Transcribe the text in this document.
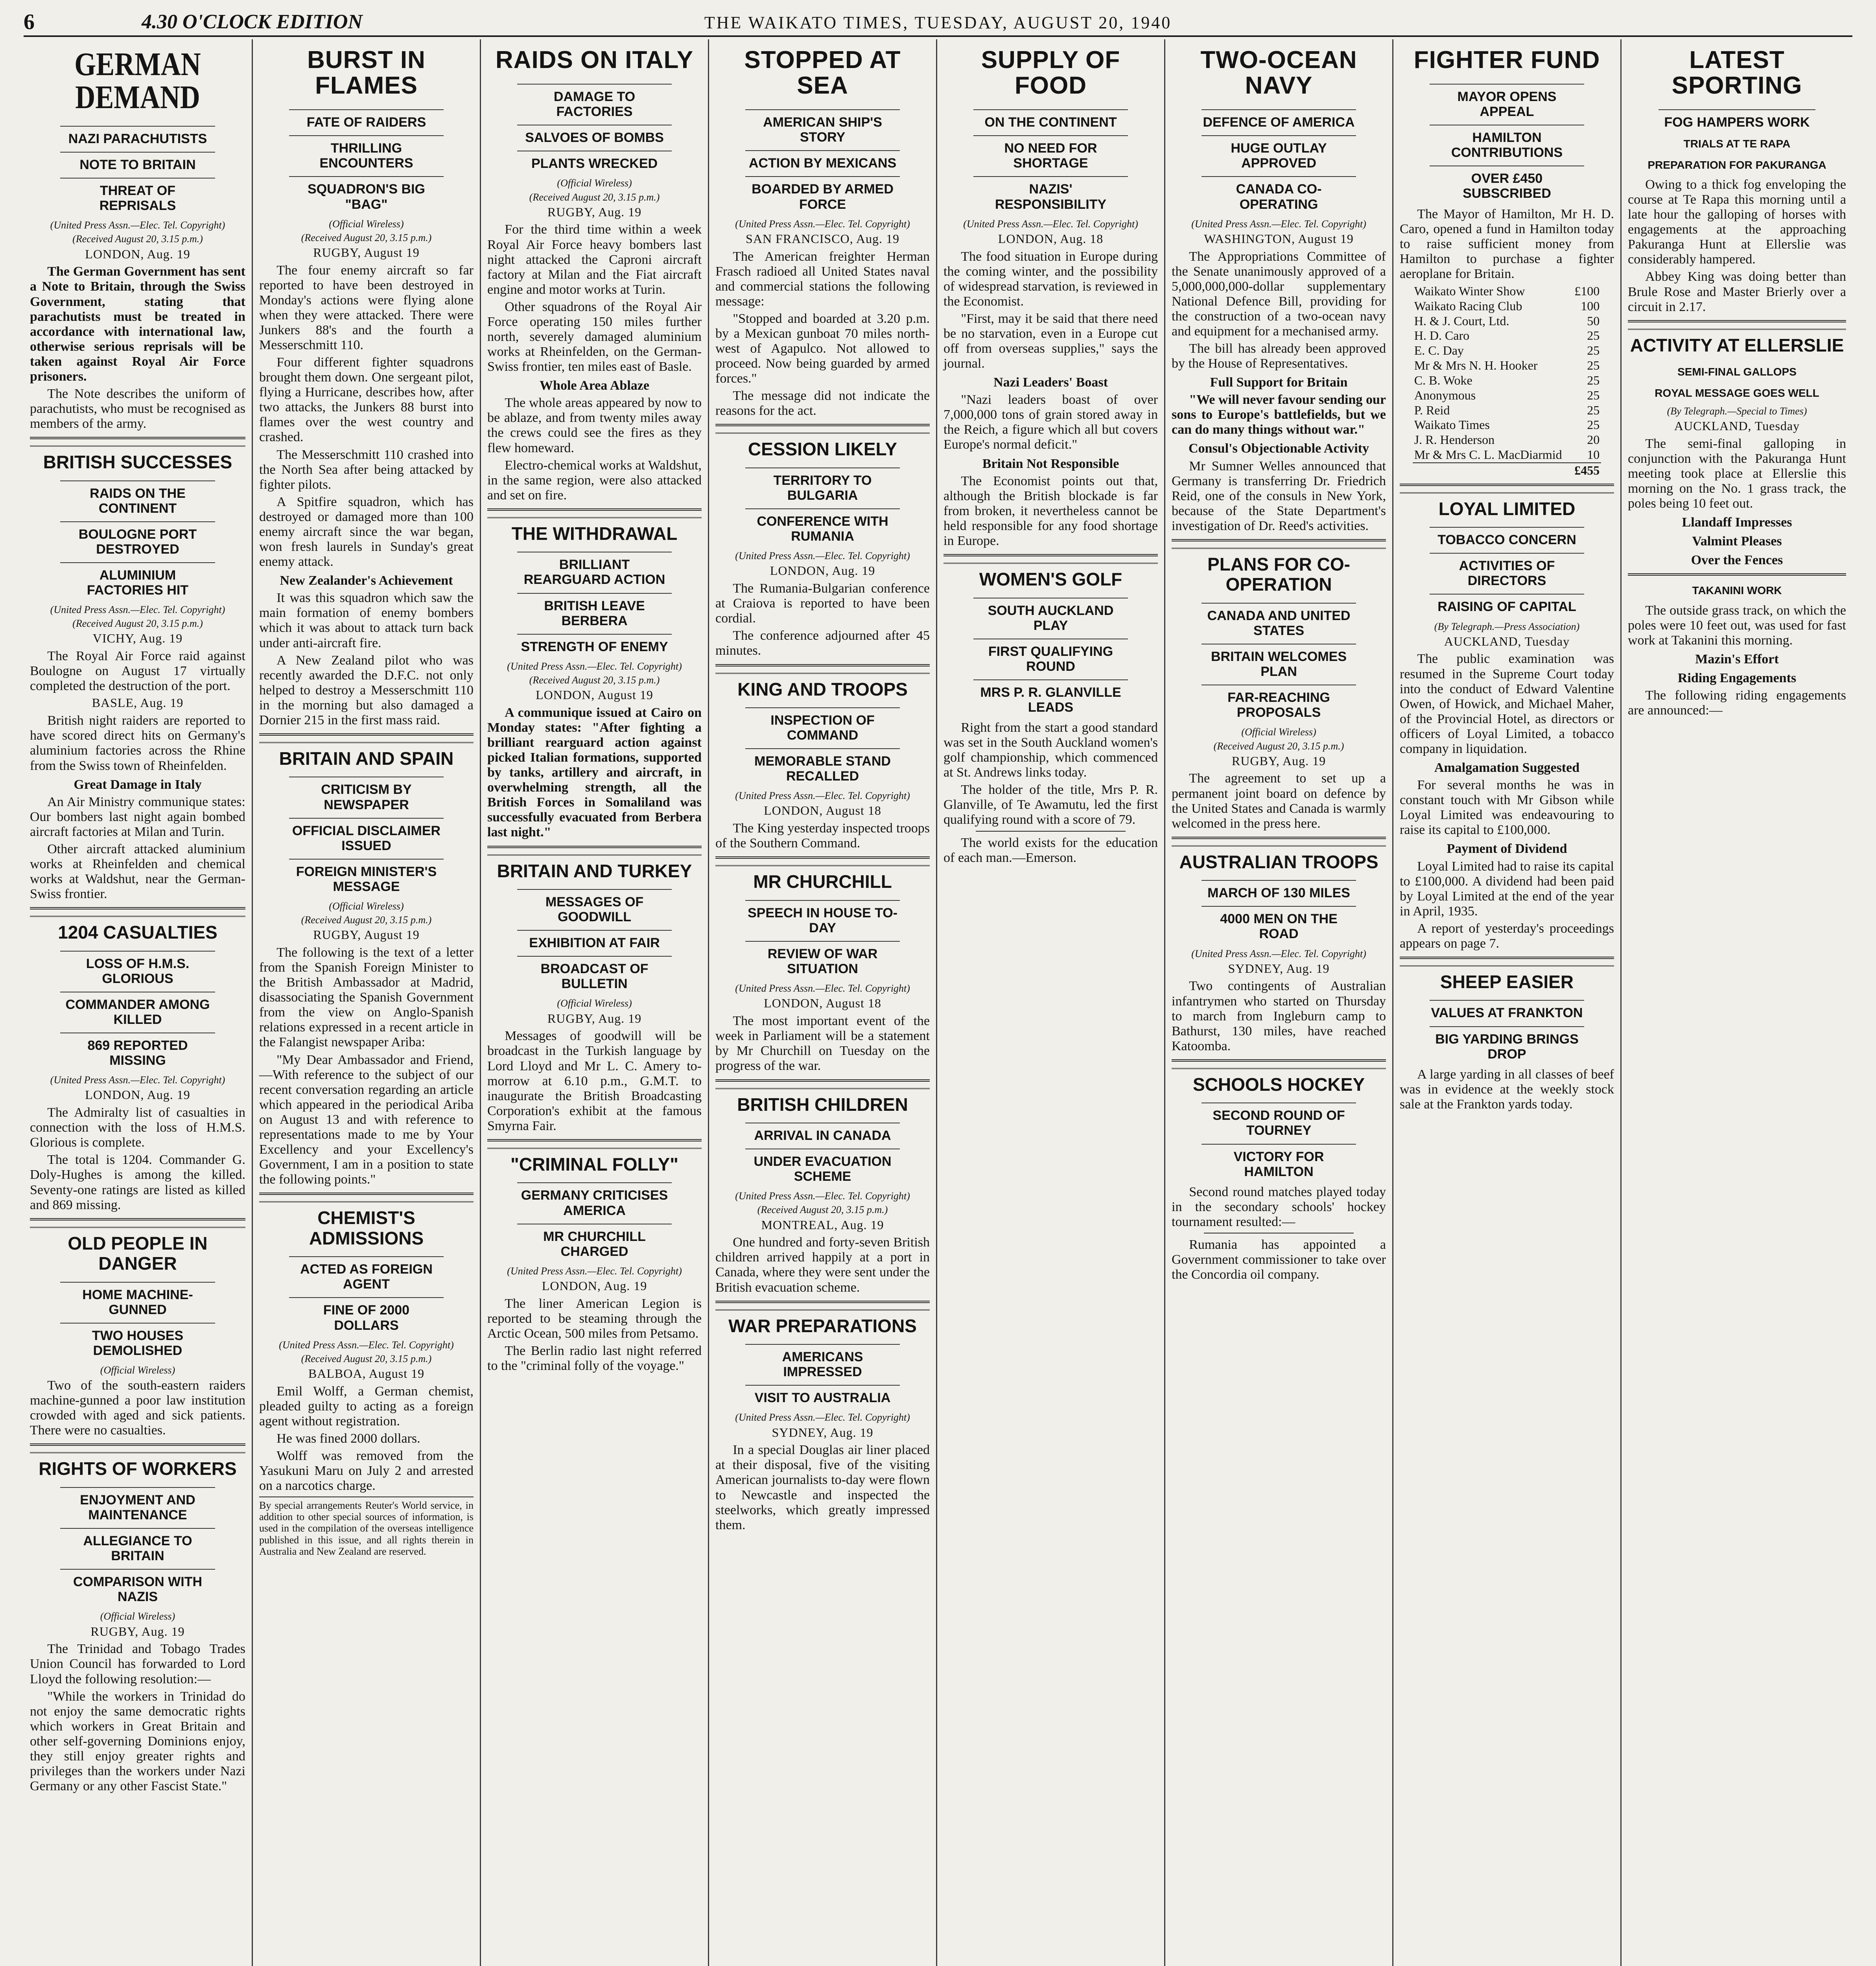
6	4.30 O'CLOCK EDITION	THE WAIKATO TIMES, TUESDAY, AUGUST 20, 1940
GERMAN DEMAND
NAZI PARACHUTISTS
NOTE TO BRITAIN
THREAT OF REPRISALS
(United Press Assn.—Elec. Tel. Copyright)
(Received August 20, 3.15 p.m.)
LONDON, Aug. 19

The German Government has sent a Note to Britain, through the Swiss Government, stating that parachutists must be treated in accordance with international law, otherwise serious reprisals will be taken against Royal Air Force prisoners.

The Note describes the uniform of parachutists, who must be recognised as members of the army.

BRITISH SUCCESSES
RAIDS ON THE CONTINENT
BOULOGNE PORT DESTROYED
ALUMINIUM FACTORIES HIT
(United Press Assn.—Elec. Tel. Copyright)
(Received August 20, 3.15 p.m.)
VICHY, Aug. 19

The Royal Air Force raid against Boulogne on August 17 virtually completed the destruction of the port.

BASLE, Aug. 19

British night raiders are reported to have scored direct hits on Germany's aluminium factories across the Rhine from the Swiss town of Rheinfelden.

Great Damage in Italy

An Air Ministry communique states: Our bombers last night again bombed aircraft factories at Milan and Turin.

Other aircraft attacked aluminium works at Rheinfelden and chemical works at Waldshut, near the German-Swiss frontier.

1204 CASUALTIES
LOSS OF H.M.S. GLORIOUS
COMMANDER AMONG KILLED
869 REPORTED MISSING
(United Press Assn.—Elec. Tel. Copyright)
LONDON, Aug. 19

The Admiralty list of casualties in connection with the loss of H.M.S. Glorious is complete.

The total is 1204. Commander G. Doly-Hughes is among the killed. Seventy-one ratings are listed as killed and 869 missing.

OLD PEOPLE IN DANGER
HOME MACHINE-GUNNED
TWO HOUSES DEMOLISHED
(Official Wireless)

Two of the south-eastern raiders machine-gunned a poor law institution crowded with aged and sick patients. There were no casualties.

RIGHTS OF WORKERS
ENJOYMENT AND MAINTENANCE
ALLEGIANCE TO BRITAIN
COMPARISON WITH NAZIS
(Official Wireless)
RUGBY, Aug. 19

The Trinidad and Tobago Trades Union Council has forwarded to Lord Lloyd the following resolution:—

"While the workers in Trinidad do not enjoy the same democratic rights which workers in Great Britain and other self-governing Dominions enjoy, they still enjoy greater rights and privileges than the workers under Nazi Germany or any other Fascist State."

BURST IN FLAMES
FATE OF RAIDERS
THRILLING ENCOUNTERS
SQUADRON'S BIG "BAG"
(Official Wireless)
(Received August 20, 3.15 p.m.)
RUGBY, August 19

The four enemy aircraft so far reported to have been destroyed in Monday's actions were flying alone when they were attacked. There were Junkers 88's and the fourth a Messerschmitt 110.

Four different fighter squadrons brought them down. One sergeant pilot, flying a Hurricane, describes how, after two attacks, the Junkers 88 burst into flames over the west country and crashed.

The Messerschmitt 110 crashed into the North Sea after being attacked by fighter pilots.

A Spitfire squadron, which has destroyed or damaged more than 100 enemy aircraft since the war began, won fresh laurels in Sunday's great enemy attack.

New Zealander's Achievement

It was this squadron which saw the main formation of enemy bombers which it was about to attack turn back under anti-aircraft fire.

A New Zealand pilot who was recently awarded the D.F.C. not only helped to destroy a Messerschmitt 110 in the morning but also damaged a Dornier 215 in the first mass raid.

BRITAIN AND SPAIN
CRITICISM BY NEWSPAPER
OFFICIAL DISCLAIMER ISSUED
FOREIGN MINISTER'S MESSAGE
(Official Wireless)
(Received August 20, 3.15 p.m.)
RUGBY, August 19

The following is the text of a letter from the Spanish Foreign Minister to the British Ambassador at Madrid, disassociating the Spanish Government from the view on Anglo-Spanish relations expressed in a recent article in the Falangist newspaper Ariba:

"My Dear Ambassador and Friend,—With reference to the subject of our recent conversation regarding an article which appeared in the periodical Ariba on August 13 and with reference to representations made to me by Your Excellency and your Excellency's Government, I am in a position to state the following points."

CHEMIST'S ADMISSIONS
ACTED AS FOREIGN AGENT
FINE OF 2000 DOLLARS
(United Press Assn.—Elec. Tel. Copyright)
(Received August 20, 3.15 p.m.)
BALBOA, August 19

Emil Wolff, a German chemist, pleaded guilty to acting as a foreign agent without registration.

He was fined 2000 dollars.

Wolff was removed from the Yasukuni Maru on July 2 and arrested on a narcotics charge.

By special arrangements Reuter's World service, in addition to other special sources of information, is used in the compilation of the overseas intelligence published in this issue, and all rights therein in Australia and New Zealand are reserved.
RAIDS ON ITALY
DAMAGE TO FACTORIES
SALVOES OF BOMBS
PLANTS WRECKED
(Official Wireless)
(Received August 20, 3.15 p.m.)
RUGBY, Aug. 19

For the third time within a week Royal Air Force heavy bombers last night attacked the Caproni aircraft factory at Milan and the Fiat aircraft engine and motor works at Turin.

Other squadrons of the Royal Air Force operating 150 miles further north, severely damaged aluminium works at Rheinfelden, on the German-Swiss frontier, ten miles east of Basle.

Whole Area Ablaze

The whole areas appeared by now to be ablaze, and from twenty miles away the crews could see the fires as they flew homeward.

Electro-chemical works at Waldshut, in the same region, were also attacked and set on fire.

THE WITHDRAWAL
BRILLIANT REARGUARD ACTION
BRITISH LEAVE BERBERA
STRENGTH OF ENEMY
(United Press Assn.—Elec. Tel. Copyright)
(Received August 20, 3.15 p.m.)
LONDON, August 19

A communique issued at Cairo on Monday states: "After fighting a brilliant rearguard action against picked Italian formations, supported by tanks, artillery and aircraft, in overwhelming strength, all the British Forces in Somaliland was successfully evacuated from Berbera last night."

BRITAIN AND TURKEY
MESSAGES OF GOODWILL
EXHIBITION AT FAIR
BROADCAST OF BULLETIN
(Official Wireless)
RUGBY, Aug. 19

Messages of goodwill will be broadcast in the Turkish language by Lord Lloyd and Mr L. C. Amery to-morrow at 6.10 p.m., G.M.T. to inaugurate the British Broadcasting Corporation's exhibit at the famous Smyrna Fair.

"CRIMINAL FOLLY"
GERMANY CRITICISES AMERICA
MR CHURCHILL CHARGED
(United Press Assn.—Elec. Tel. Copyright)
LONDON, Aug. 19

The liner American Legion is reported to be steaming through the Arctic Ocean, 500 miles from Petsamo.

The Berlin radio last night referred to the "criminal folly of the voyage."

STOPPED AT SEA
AMERICAN SHIP'S STORY
ACTION BY MEXICANS
BOARDED BY ARMED FORCE
(United Press Assn.—Elec. Tel. Copyright)
SAN FRANCISCO, Aug. 19

The American freighter Herman Frasch radioed all United States naval and commercial stations the following message:

"Stopped and boarded at 3.20 p.m. by a Mexican gunboat 70 miles north-west of Agapulco. Not allowed to proceed. Now being guarded by armed forces."

The message did not indicate the reasons for the act.

CESSION LIKELY
TERRITORY TO BULGARIA
CONFERENCE WITH RUMANIA
(United Press Assn.—Elec. Tel. Copyright)
LONDON, Aug. 19

The Rumania-Bulgarian conference at Craiova is reported to have been cordial.

The conference adjourned after 45 minutes.

KING AND TROOPS
INSPECTION OF COMMAND
MEMORABLE STAND RECALLED
(United Press Assn.—Elec. Tel. Copyright)
LONDON, August 18

The King yesterday inspected troops of the Southern Command.

MR CHURCHILL
SPEECH IN HOUSE TO-DAY
REVIEW OF WAR SITUATION
(United Press Assn.—Elec. Tel. Copyright)
LONDON, August 18

The most important event of the week in Parliament will be a statement by Mr Churchill on Tuesday on the progress of the war.

BRITISH CHILDREN
ARRIVAL IN CANADA
UNDER EVACUATION SCHEME
(United Press Assn.—Elec. Tel. Copyright)
(Received August 20, 3.15 p.m.)
MONTREAL, Aug. 19

One hundred and forty-seven British children arrived happily at a port in Canada, where they were sent under the British evacuation scheme.

WAR PREPARATIONS
AMERICANS IMPRESSED
VISIT TO AUSTRALIA
(United Press Assn.—Elec. Tel. Copyright)
SYDNEY, Aug. 19

In a special Douglas air liner placed at their disposal, five of the visiting American journalists to-day were flown to Newcastle and inspected the steelworks, which greatly impressed them.

SUPPLY OF FOOD
ON THE CONTINENT
NO NEED FOR SHORTAGE
NAZIS' RESPONSIBILITY
(United Press Assn.—Elec. Tel. Copyright)
LONDON, Aug. 18

The food situation in Europe during the coming winter, and the possibility of widespread starvation, is reviewed in the Economist.

"First, may it be said that there need be no starvation, even in a Europe cut off from overseas supplies," says the journal.

Nazi Leaders' Boast

"Nazi leaders boast of over 7,000,000 tons of grain stored away in the Reich, a figure which all but covers Europe's normal deficit."

Britain Not Responsible

The Economist points out that, although the British blockade is far from broken, it nevertheless cannot be held responsible for any food shortage in Europe.

WOMEN'S GOLF
SOUTH AUCKLAND PLAY
FIRST QUALIFYING ROUND
MRS P. R. GLANVILLE LEADS

Right from the start a good standard was set in the South Auckland women's golf championship, which commenced at St. Andrews links today.

The holder of the title, Mrs P. R. Glanville, of Te Awamutu, led the first qualifying round with a score of 79.

The world exists for the education of each man.—Emerson.

TWO-OCEAN NAVY
DEFENCE OF AMERICA
HUGE OUTLAY APPROVED
CANADA CO-OPERATING
(United Press Assn.—Elec. Tel. Copyright)
WASHINGTON, August 19

The Appropriations Committee of the Senate unanimously approved of a 5,000,000,000-dollar supplementary National Defence Bill, providing for the construction of a two-ocean navy and equipment for a mechanised army.

The bill has already been approved by the House of Representatives.

Full Support for Britain

"We will never favour sending our sons to Europe's battlefields, but we can do many things without war."

Consul's Objectionable Activity

Mr Sumner Welles announced that Germany is transferring Dr. Friedrich Reid, one of the consuls in New York, because of the State Department's investigation of Dr. Reed's activities.

PLANS FOR CO-OPERATION
CANADA AND UNITED STATES
BRITAIN WELCOMES PLAN
FAR-REACHING PROPOSALS
(Official Wireless)
(Received August 20, 3.15 p.m.)
RUGBY, Aug. 19

The agreement to set up a permanent joint board on defence by the United States and Canada is warmly welcomed in the press here.

AUSTRALIAN TROOPS
MARCH OF 130 MILES
4000 MEN ON THE ROAD
(United Press Assn.—Elec. Tel. Copyright)
SYDNEY, Aug. 19

Two contingents of Australian infantrymen who started on Thursday to march from Ingleburn camp to Bathurst, 130 miles, have reached Katoomba.

SCHOOLS HOCKEY
SECOND ROUND OF TOURNEY
VICTORY FOR HAMILTON

Second round matches played today in the secondary schools' hockey tournament resulted:—

Rumania has appointed a Government commissioner to take over the Concordia oil company.

FIGHTER FUND
MAYOR OPENS APPEAL
HAMILTON CONTRIBUTIONS
OVER £450 SUBSCRIBED

The Mayor of Hamilton, Mr H. D. Caro, opened a fund in Hamilton today to raise sufficient money from Hamilton to purchase a fighter aeroplane for Britain.

Waikato Winter Show	£100
Waikato Racing Club	100
H. & J. Court, Ltd.	50
H. D. Caro	25
E. C. Day	25
Mr & Mrs N. H. Hooker	25
C. B. Woke	25
Anonymous	25
P. Reid	25
Waikato Times	25
J. R. Henderson	20
Mr & Mrs C. L. MacDiarmid	10
	£455
LOYAL LIMITED
TOBACCO CONCERN
ACTIVITIES OF DIRECTORS
RAISING OF CAPITAL
(By Telegraph.—Press Association)
AUCKLAND, Tuesday

The public examination was resumed in the Supreme Court today into the conduct of Edward Valentine Owen, of Howick, and Michael Maher, of the Provincial Hotel, as directors or officers of Loyal Limited, a tobacco company in liquidation.

Amalgamation Suggested

For several months he was in constant touch with Mr Gibson while Loyal Limited was endeavouring to raise its capital to £100,000.

Payment of Dividend

Loyal Limited had to raise its capital to £100,000. A dividend had been paid by Loyal Limited at the end of the year in April, 1935.

A report of yesterday's proceedings appears on page 7.

SHEEP EASIER
VALUES AT FRANKTON
BIG YARDING BRINGS DROP

A large yarding in all classes of beef was in evidence at the weekly stock sale at the Frankton yards today.

LATEST SPORTING
FOG HAMPERS WORK
TRIALS AT TE RAPA
PREPARATION FOR PAKURANGA

Owing to a thick fog enveloping the course at Te Rapa this morning until a late hour the galloping of horses with engagements at the approaching Pakuranga Hunt at Ellerslie was considerably hampered.

Abbey King was doing better than Brule Rose and Master Brierly over a circuit in 2.17.

ACTIVITY AT ELLERSLIE
SEMI-FINAL GALLOPS
ROYAL MESSAGE GOES WELL
(By Telegraph.—Special to Times)
AUCKLAND, Tuesday

The semi-final galloping in conjunction with the Pakuranga Hunt meeting took place at Ellerslie this morning on the No. 1 grass track, the poles being 10 feet out.

Llandaff Impresses
Valmint Pleases
Over the Fences
TAKANINI WORK

The outside grass track, on which the poles were 10 feet out, was used for fast work at Takanini this morning.

Mazin's Effort
Riding Engagements

The following riding engagements are announced:—
